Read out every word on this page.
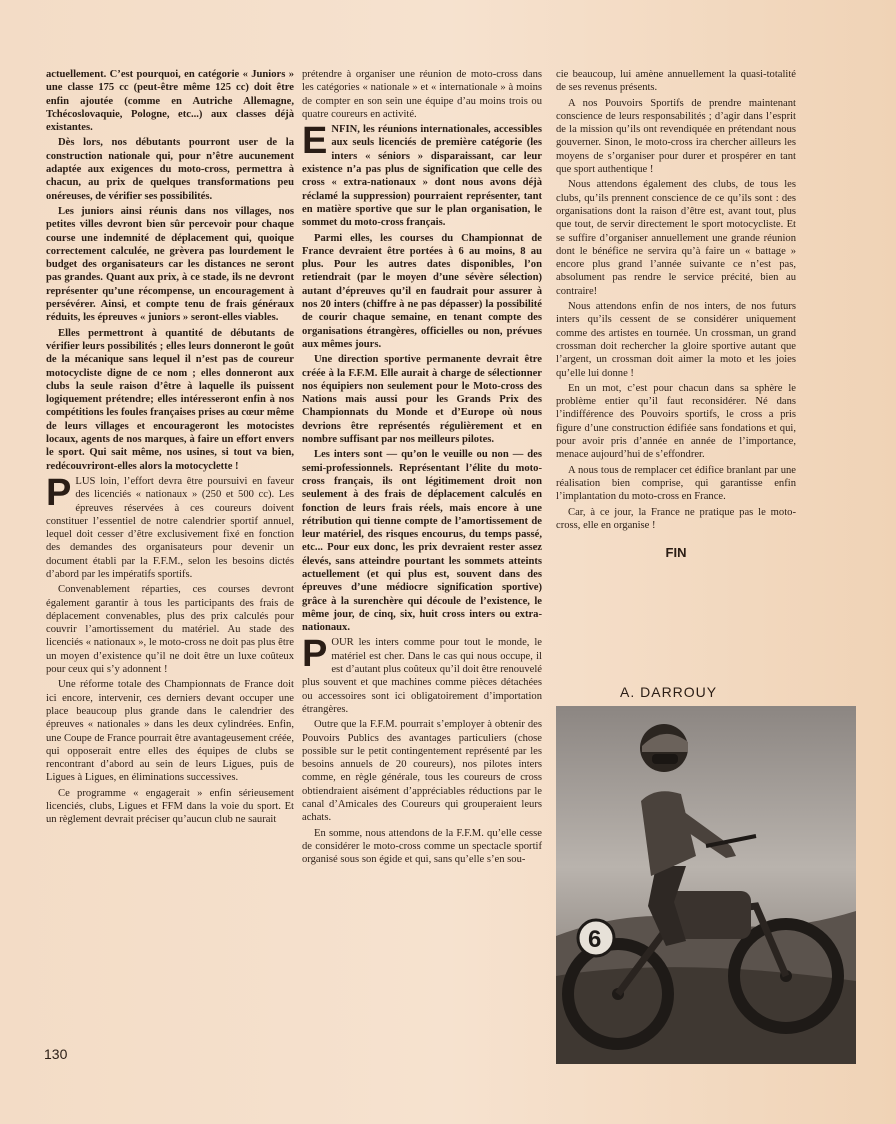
actuellement. C’est pourquoi, en catégorie « Juniors » une classe 175 cc (peut-être même 125 cc) doit être enfin ajoutée (comme en Autriche Allemagne, Tchécoslovaquie, Pologne, etc...) aux classes déjà existantes.

Dès lors, nos débutants pourront user de la construction nationale qui, pour n’être aucunement adaptée aux exigences du moto-cross, permettra à chacun, au prix de quelques transformations peu onéreuses, de vérifier ses possibilités.

Les juniors ainsi réunis dans nos villages, nos petites villes devront bien sûr percevoir pour chaque course une indemnité de déplacement qui, quoique correctement calculée, ne grèvera pas lourdement le budget des organisateurs car les distances ne seront pas grandes. Quant aux prix, à ce stade, ils ne devront représenter qu’une récompense, un encouragement à persévérer. Ainsi, et compte tenu de frais généraux réduits, les épreuves « juniors » seront-elles viables.

Elles permettront à quantité de débutants de vérifier leurs possibilités ; elles leurs donneront le goût de la mécanique sans lequel il n’est pas de coureur motocycliste digne de ce nom ; elles donneront aux clubs la seule raison d’être à laquelle ils puissent logiquement prétendre; elles intéresseront enfin à nos compétitions les foules françaises prises au cœur même de leurs villages et encourageront les motocistes locaux, agents de nos marques, à faire un effort envers le sport. Qui sait même, nos usines, si tout va bien, redécouvriront-elles alors la motocyclette !

PLUS loin, l’effort devra être poursuivi en faveur des licenciés « nationaux » (250 et 500 cc). Les épreuves réservées à ces coureurs doivent constituer l’essentiel de notre calendrier sportif annuel, lequel doit cesser d’être exclusivement fixé en fonction des demandes des organisateurs pour devenir un document établi par la F.F.M., selon les besoins dictés d’abord par les impératifs sportifs.

Convenablement réparties, ces courses devront également garantir à tous les participants des frais de déplacement convenables, plus des prix calculés pour couvrir l’amortissement du matériel. Au stade des licenciés « nationaux », le moto-cross ne doit pas plus être un moyen d’existence qu’il ne doit être un luxe coûteux pour ceux qui s’y adonnent !

Une réforme totale des Championnats de France doit ici encore, intervenir, ces derniers devant occuper une place beaucoup plus grande dans le calendrier des épreuves « nationales » dans les deux cylindrées. Enfin, une Coupe de France pourrait être avantageusement créée, qui opposerait entre elles des équipes de clubs se rencontrant d’abord au sein de leurs Ligues, puis de Ligues à Ligues, en éliminations successives.

Ce programme « engagerait » enfin sérieusement licenciés, clubs, Ligues et FFM dans la voie du sport. Et un règlement devrait préciser qu’aucun club ne saurait

prétendre à organiser une réunion de moto-cross dans les catégories « nationale » et « internationale » à moins de compter en son sein une équipe d’au moins trois ou quatre coureurs en activité.

ENFIN, les réunions internationales, accessibles aux seuls licenciés de première catégorie (les inters « séniors » disparaissant, car leur existence n’a pas plus de signification que celle des cross « extra-nationaux » dont nous avons déjà réclamé la suppression) pourraient représenter, tant en matière sportive que sur le plan organisation, le sommet du moto-cross français.

Parmi elles, les courses du Championnat de France devraient être portées à 6 au moins, 8 au plus. Pour les autres dates disponibles, l’on retiendrait (par le moyen d’une sévère sélection) autant d’épreuves qu’il en faudrait pour assurer à nos 20 inters (chiffre à ne pas dépasser) la possibilité de courir chaque semaine, en tenant compte des organisations étrangères, officielles ou non, prévues aux mêmes jours.

Une direction sportive permanente devrait être créée à la F.F.M. Elle aurait à charge de sélectionner nos équipiers non seulement pour le Moto-cross des Nations mais aussi pour les Grands Prix des Championnats du Monde et d’Europe où nous devrions être représentés régulièrement et en nombre suffisant par nos meilleurs pilotes.

Les inters sont — qu’on le veuille ou non — des semi-professionnels. Représentant l’élite du moto-cross français, ils ont légitimement droit non seulement à des frais de déplacement calculés en fonction de leurs frais réels, mais encore à une rétribution qui tienne compte de l’amortissement de leur matériel, des risques encourus, du temps passé, etc... Pour eux donc, les prix devraient rester assez élevés, sans atteindre pourtant les sommets atteints actuellement (et qui plus est, souvent dans des épreuves d’une médiocre signification sportive) grâce à la surenchère qui découle de l’existence, le même jour, de cinq, six, huit cross inters ou extra-nationaux.

POUR les inters comme pour tout le monde, le matériel est cher. Dans le cas qui nous occupe, il est d’autant plus coûteux qu’il doit être renouvelé plus souvent et que machines comme pièces détachées ou accessoires sont ici obligatoirement d’importation étrangères.

Outre que la F.F.M. pourrait s’employer à obtenir des Pouvoirs Publics des avantages particuliers (chose possible sur le petit contingentement représenté par les besoins annuels de 20 coureurs), nos pilotes inters comme, en règle générale, tous les coureurs de cross obtiendraient aisément d’appréciables réductions par le canal d’Amicales des Coureurs qui grouperaient leurs achats.

En somme, nous attendons de la F.F.M. qu’elle cesse de considérer le moto-cross comme un spectacle sportif organisé sous son égide et qui, sans qu’elle s’en sou-

cie beaucoup, lui amène annuellement la quasi-totalité de ses revenus présents.

A nos Pouvoirs Sportifs de prendre maintenant conscience de leurs responsabilités ; d’agir dans l’esprit de la mission qu’ils ont revendiquée en prétendant nous gouverner. Sinon, le moto-cross ira chercher ailleurs les moyens de s’organiser pour durer et prospérer en tant que sport authentique !

Nous attendons également des clubs, de tous les clubs, qu’ils prennent conscience de ce qu’ils sont : des organisations dont la raison d’être est, avant tout, plus que tout, de servir directement le sport motocycliste. Et se suffire d’organiser annuellement une grande réunion dont le bénéfice ne servira qu’à faire un « battage » encore plus grand l’année suivante ce n’est pas, absolument pas rendre le service précité, bien au contraire!

Nous attendons enfin de nos inters, de nos futurs inters qu’ils cessent de se considérer uniquement comme des artistes en tournée. Un crossman, un grand crossman doit rechercher la gloire sportive autant que l’argent, un crossman doit aimer la moto et les joies qu’elle lui donne !

En un mot, c’est pour chacun dans sa sphère le problème entier qu’il faut reconsidérer. Né dans l’indifférence des Pouvoirs sportifs, le cross a pris figure d’une construction édifiée sans fondations et qui, pour avoir pris d’année en année de l’importance, menace aujourd’hui de s’effondrer.

A nous tous de remplacer cet édifice branlant par une réalisation bien comprise, qui garantisse enfin l’implantation du moto-cross en France.

Car, à ce jour, la France ne pratique pas le moto-cross, elle en organise !

FIN
A. DARROUY
6
130
